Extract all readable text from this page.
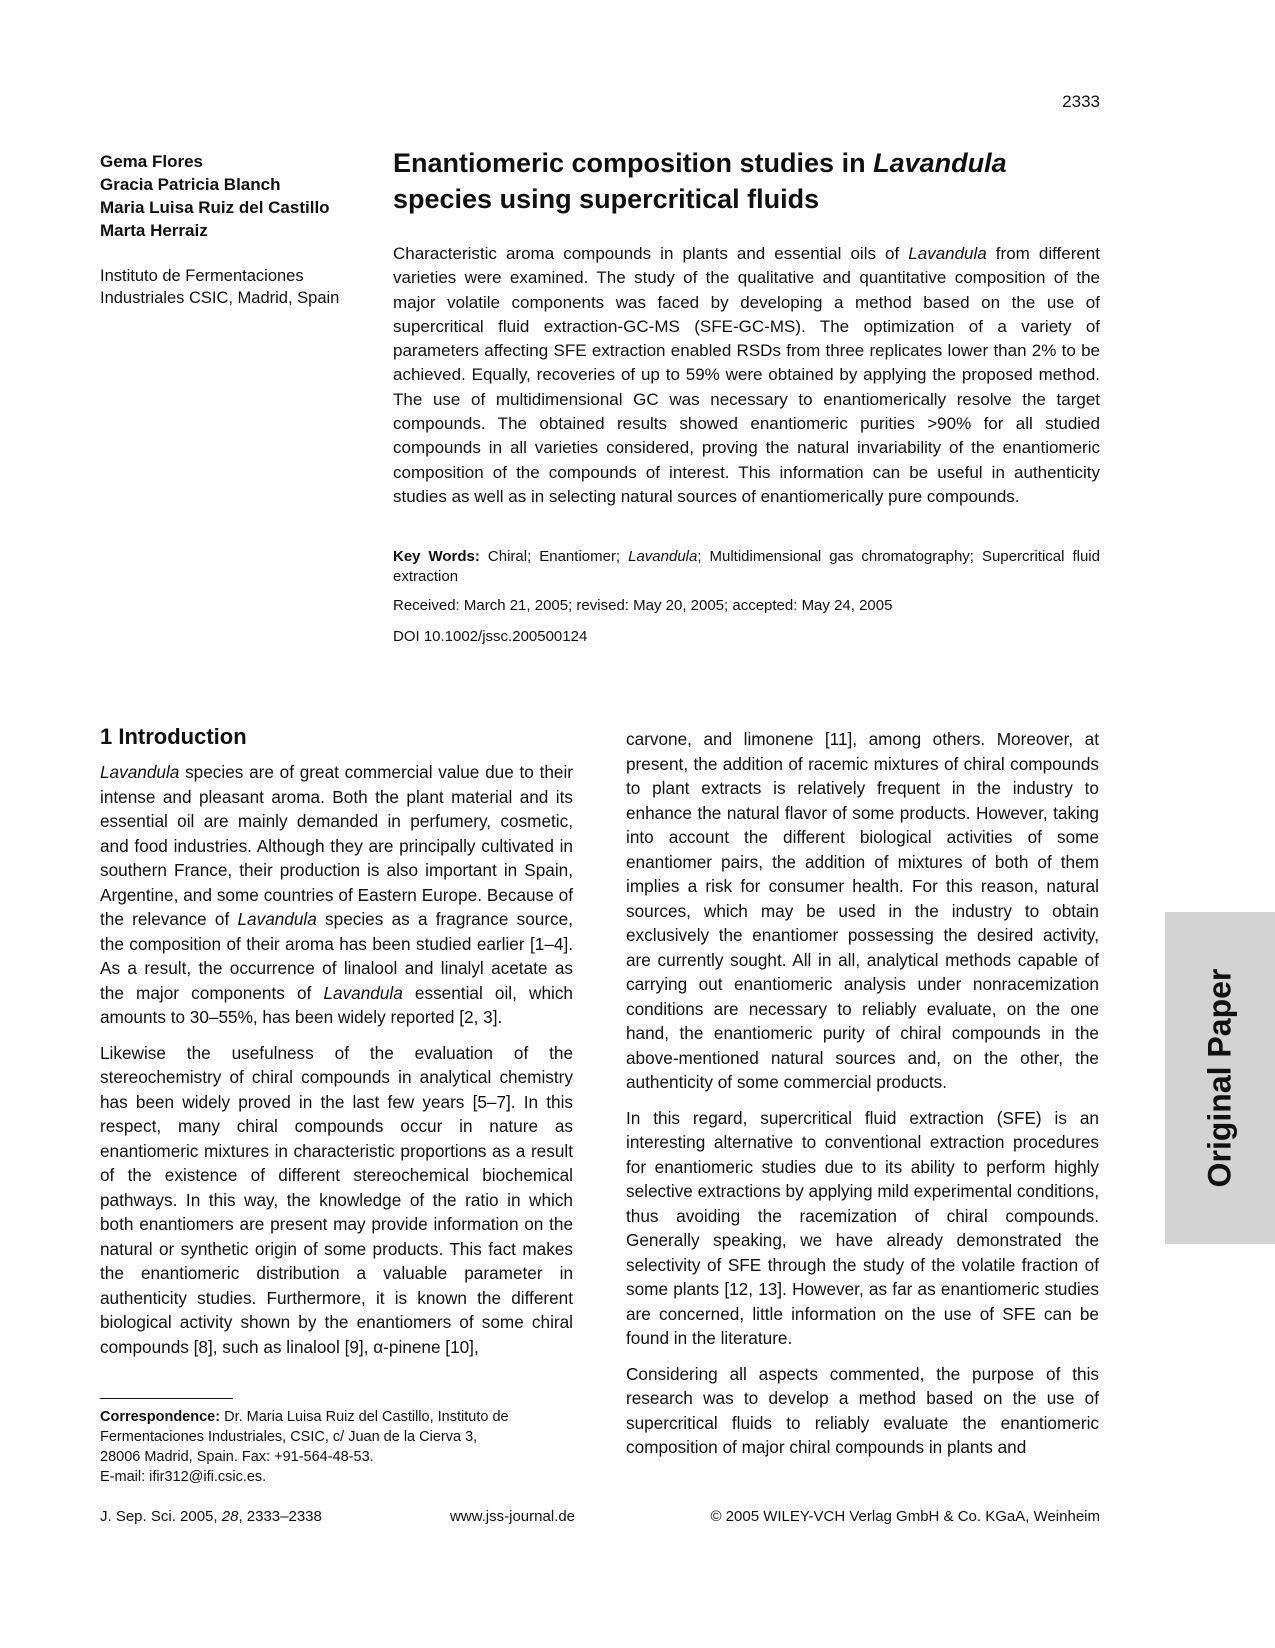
2333
Gema Flores
Gracia Patricia Blanch
Maria Luisa Ruiz del Castillo
Marta Herraiz
Instituto de Fermentaciones
Industriales CSIC, Madrid, Spain
Enantiomeric composition studies in Lavandula
species using supercritical fluids
Characteristic aroma compounds in plants and essential oils of Lavandula from different varieties were examined. The study of the qualitative and quantitative composition of the major volatile components was faced by developing a method based on the use of supercritical fluid extraction-GC-MS (SFE-GC-MS). The optimization of a variety of parameters affecting SFE extraction enabled RSDs from three replicates lower than 2% to be achieved. Equally, recoveries of up to 59% were obtained by applying the proposed method. The use of multidimensional GC was necessary to enantiomerically resolve the target compounds. The obtained results showed enantiomeric purities >90% for all studied compounds in all varieties considered, proving the natural invariability of the enantiomeric composition of the compounds of interest. This information can be useful in authenticity studies as well as in selecting natural sources of enantiomerically pure compounds.
Key Words: Chiral; Enantiomer; Lavandula; Multidimensional gas chromatography; Supercritical fluid extraction
Received: March 21, 2005; revised: May 20, 2005; accepted: May 24, 2005
DOI 10.1002/jssc.200500124
1 Introduction

Lavandula species are of great commercial value due to their intense and pleasant aroma. Both the plant material and its essential oil are mainly demanded in perfumery, cosmetic, and food industries. Although they are principally cultivated in southern France, their production is also important in Spain, Argentine, and some countries of Eastern Europe. Because of the relevance of Lavandula species as a fragrance source, the composition of their aroma has been studied earlier [1–4]. As a result, the occurrence of linalool and linalyl acetate as the major components of Lavandula essential oil, which amounts to 30–55%, has been widely reported [2, 3].

Likewise the usefulness of the evaluation of the stereochemistry of chiral compounds in analytical chemistry has been widely proved in the last few years [5–7]. In this respect, many chiral compounds occur in nature as enantiomeric mixtures in characteristic proportions as a result of the existence of different stereochemical biochemical pathways. In this way, the knowledge of the ratio in which both enantiomers are present may provide information on the natural or synthetic origin of some products. This fact makes the enantiomeric distribution a valuable parameter in authenticity studies. Furthermore, it is known the different biological activity shown by the enantiomers of some chiral compounds [8], such as linalool [9], α-pinene [10],

carvone, and limonene [11], among others. Moreover, at present, the addition of racemic mixtures of chiral compounds to plant extracts is relatively frequent in the industry to enhance the natural flavor of some products. However, taking into account the different biological activities of some enantiomer pairs, the addition of mixtures of both of them implies a risk for consumer health. For this reason, natural sources, which may be used in the industry to obtain exclusively the enantiomer possessing the desired activity, are currently sought. All in all, analytical methods capable of carrying out enantiomeric analysis under nonracemization conditions are necessary to reliably evaluate, on the one hand, the enantiomeric purity of chiral compounds in the above-mentioned natural sources and, on the other, the authenticity of some commercial products.

In this regard, supercritical fluid extraction (SFE) is an interesting alternative to conventional extraction procedures for enantiomeric studies due to its ability to perform highly selective extractions by applying mild experimental conditions, thus avoiding the racemization of chiral compounds. Generally speaking, we have already demonstrated the selectivity of SFE through the study of the volatile fraction of some plants [12, 13]. However, as far as enantiomeric studies are concerned, little information on the use of SFE can be found in the literature.

Considering all aspects commented, the purpose of this research was to develop a method based on the use of supercritical fluids to reliably evaluate the enantiomeric composition of major chiral compounds in plants and

Correspondence: Dr. Maria Luisa Ruiz del Castillo, Instituto de
Fermentaciones Industriales, CSIC, c/ Juan de la Cierva 3,
28006 Madrid, Spain. Fax: +91-564-48-53.
E-mail: ifir312@ifi.csic.es.
J. Sep. Sci. 2005, 28, 2333–2338	www.jss-journal.de	© 2005 WILEY-VCH Verlag GmbH & Co. KGaA, Weinheim
Original Paper
